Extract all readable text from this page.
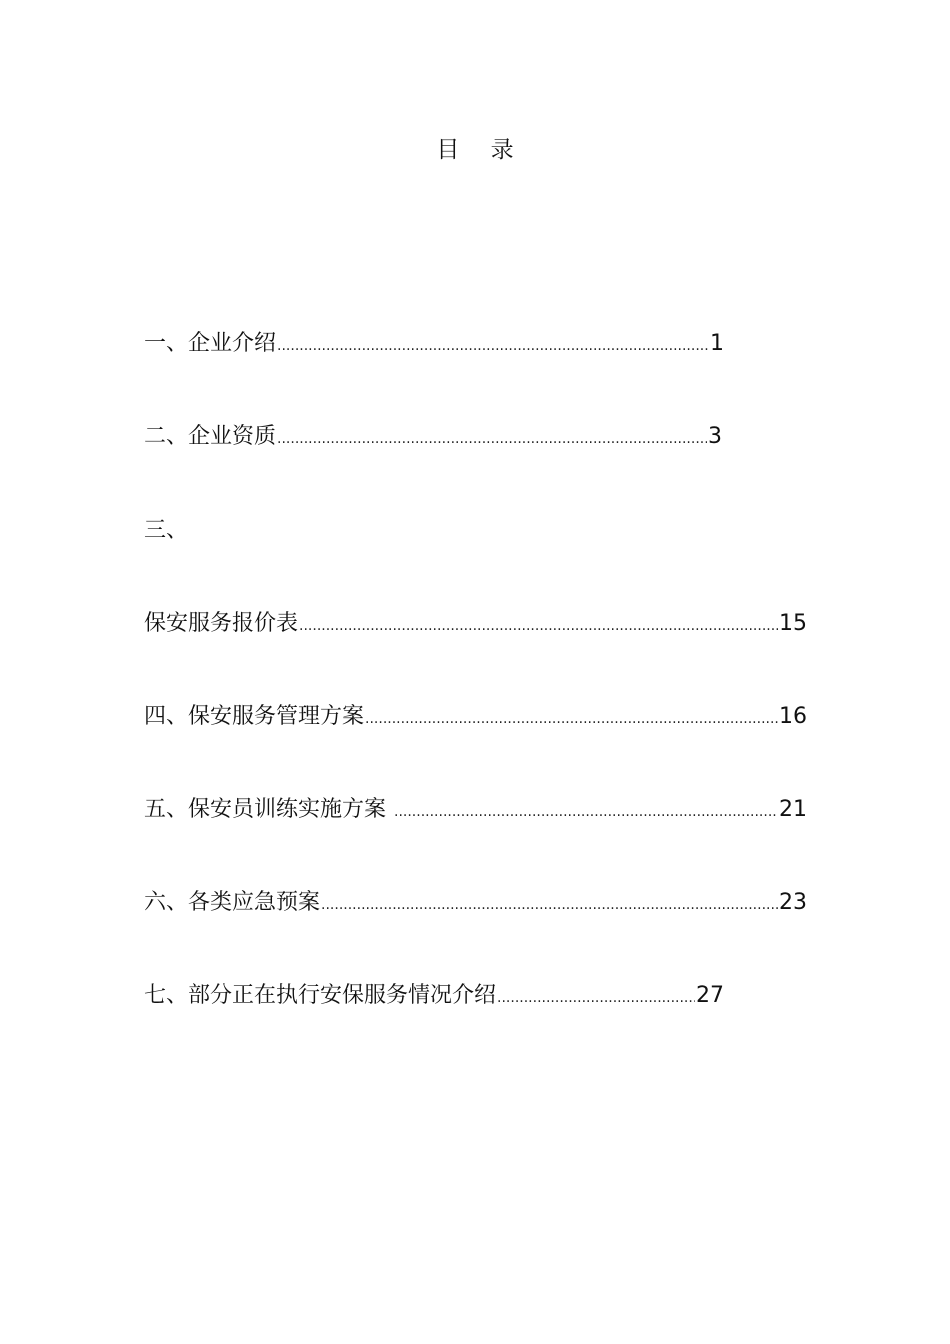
目 录
一、企业介绍 .....	1
二、企业资质 .....	3
三、
保安服务报价表 .....	15
四、保安服务管理方案 .....	16
五、保安员训练实施方案 .....	21
六、各类应急预案 .....	23
七、部分正在执行安保服务情况介绍 .....	27
